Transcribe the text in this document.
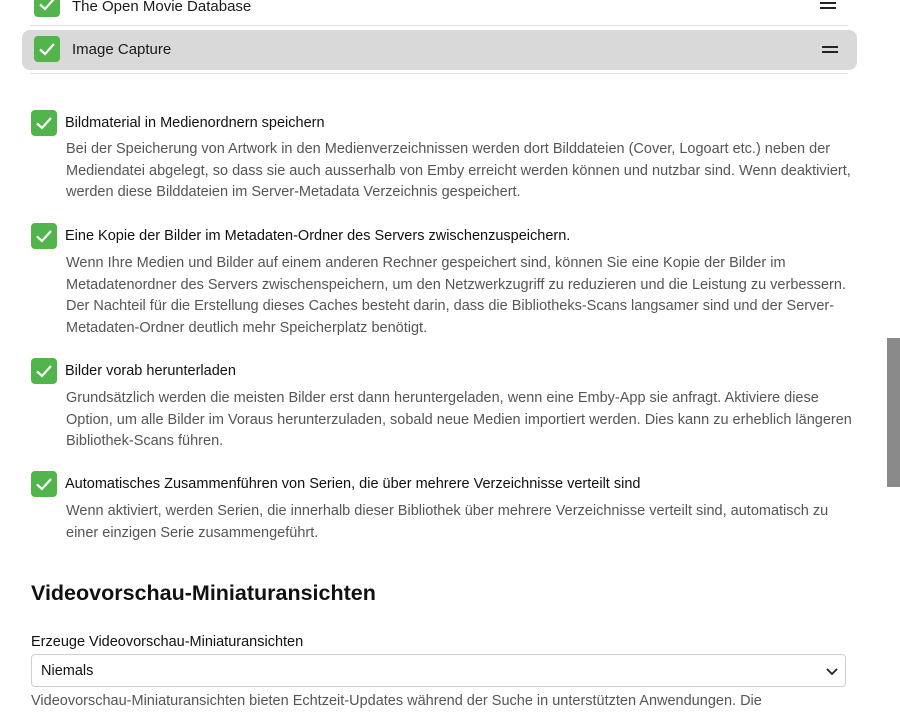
The Open Movie Database
Image Capture
Bildmaterial in Medienordnern speichern
Bei der Speicherung von Artwork in den Medienverzeichnissen werden dort Bilddateien (Cover, Logoart etc.) neben der Mediendatei abgelegt, so dass sie auch ausserhalb von Emby erreicht werden können und nutzbar sind. Wenn deaktiviert, werden diese Bilddateien im Server-Metadata Verzeichnis gespeichert.
Eine Kopie der Bilder im Metadaten-Ordner des Servers zwischenzuspeichern.
Wenn Ihre Medien und Bilder auf einem anderen Rechner gespeichert sind, können Sie eine Kopie der Bilder im Metadatenordner des Servers zwischenspeichern, um den Netzwerkzugriff zu reduzieren und die Leistung zu verbessern. Der Nachteil für die Erstellung dieses Caches besteht darin, dass die Bibliotheks-Scans langsamer sind und der Server-Metadaten-Ordner deutlich mehr Speicherplatz benötigt.
Bilder vorab herunterladen
Grundsätzlich werden die meisten Bilder erst dann heruntergeladen, wenn eine Emby-App sie anfragt. Aktiviere diese Option, um alle Bilder im Voraus herunterzuladen, sobald neue Medien importiert werden. Dies kann zu erheblich längeren Bibliothek-Scans führen.
Automatisches Zusammenführen von Serien, die über mehrere Verzeichnisse verteilt sind
Wenn aktiviert, werden Serien, die innerhalb dieser Bibliothek über mehrere Verzeichnisse verteilt sind, automatisch zu einer einzigen Serie zusammengeführt.
Videovorschau-Miniaturansichten
Erzeuge Videovorschau-Miniaturansichten
Niemals
Videovorschau-Miniaturansichten bieten Echtzeit-Updates während der Suche in unterstützten Anwendungen. Die
